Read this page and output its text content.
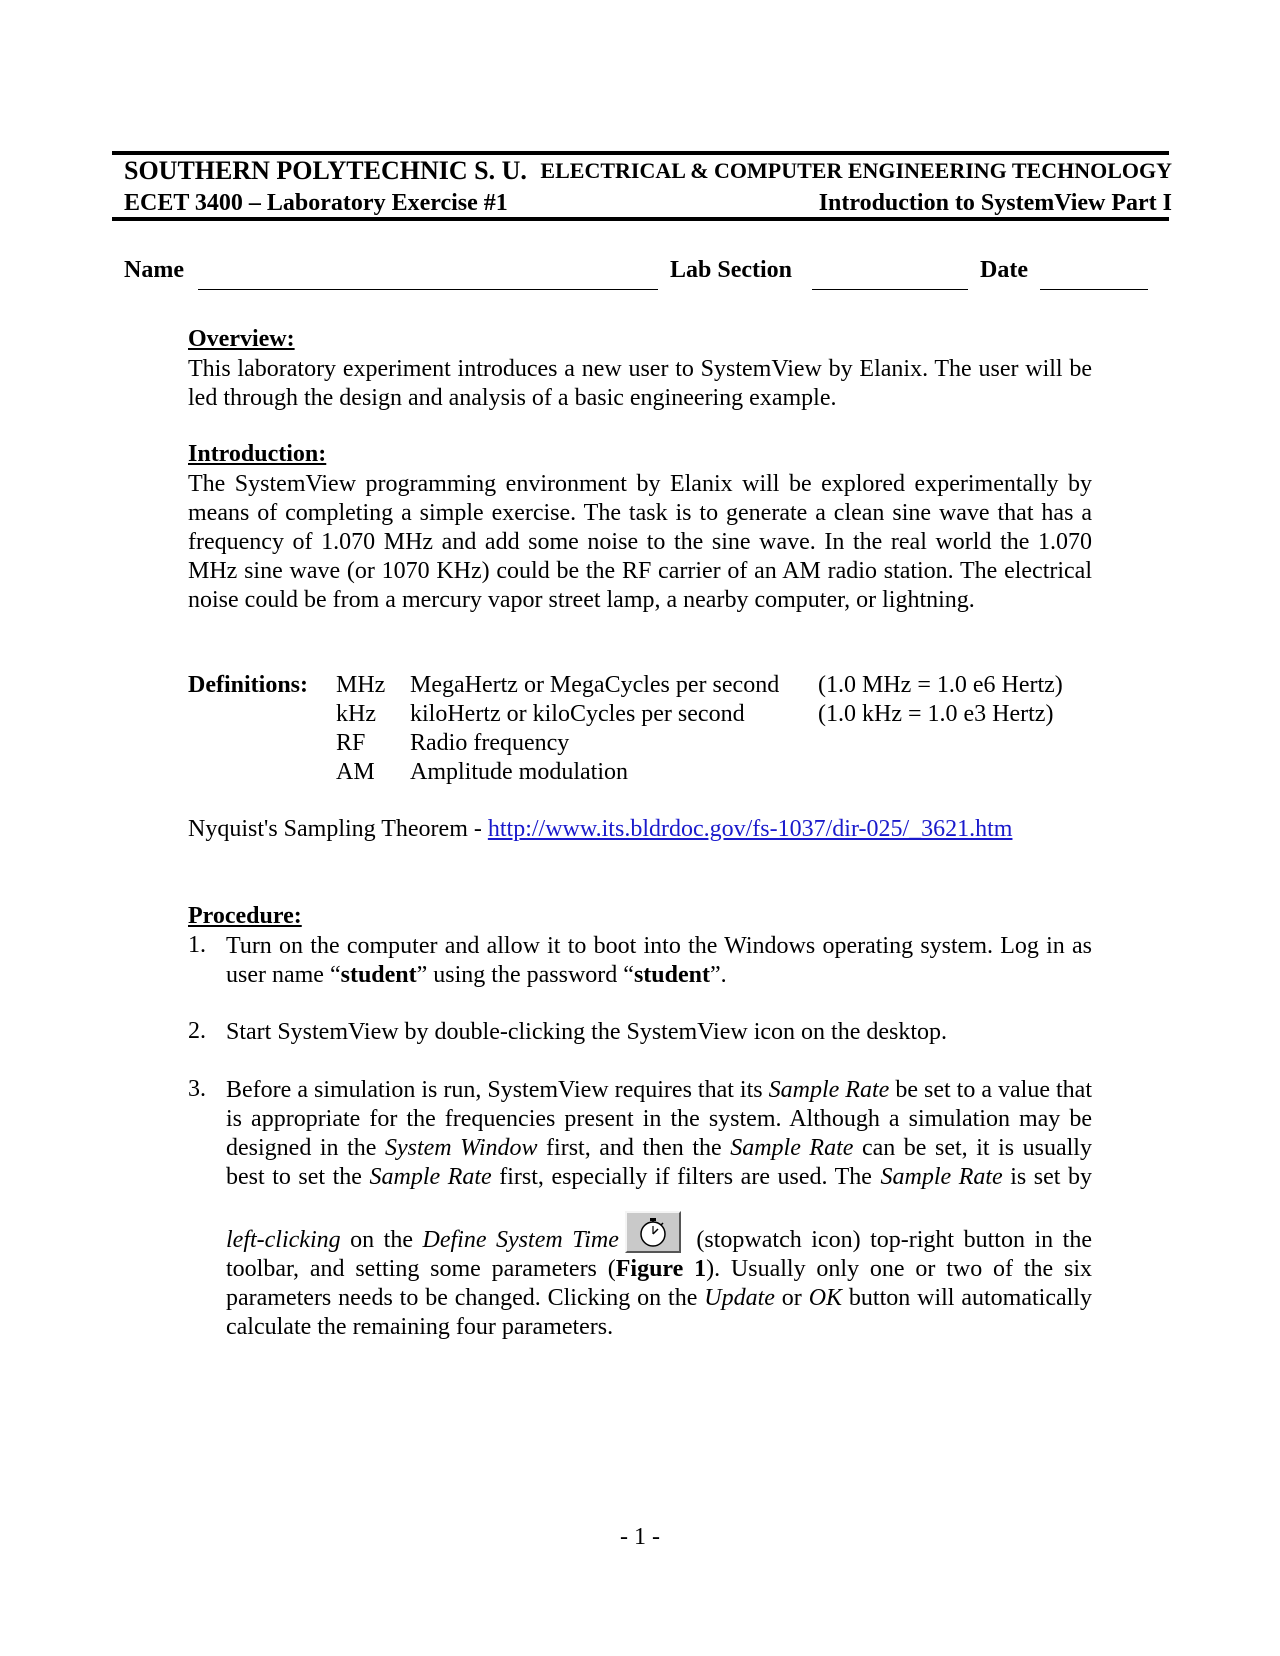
SOUTHERN POLYTECHNIC S. U. ELECTRICAL & COMPUTER ENGINEERING TECHNOLOGY
ECET 3400 – Laboratory Exercise #1	Introduction to SystemView Part I
Name	Lab Section	Date
Overview:
This laboratory experiment introduces a new user to SystemView by Elanix. The user will be led through the design and analysis of a basic engineering example.
Introduction:
The SystemView programming environment by Elanix will be explored experimentally by means of completing a simple exercise. The task is to generate a clean sine wave that has a frequency of 1.070 MHz and add some noise to the sine wave. In the real world the 1.070 MHz sine wave (or 1070 KHz) could be the RF carrier of an AM radio station. The electrical noise could be from a mercury vapor street lamp, a nearby computer, or lightning.
Definitions: MHz MegaHertz or MegaCycles per second (1.0 MHz = 1.0 e6 Hertz)
kHz kiloHertz or kiloCycles per second	(1.0 kHz = 1.0 e3 Hertz)
RF Radio frequency
AM Amplitude modulation
Nyquist's Sampling Theorem - http://www.its.bldrdoc.gov/fs-1037/dir-025/_3621.htm
Procedure:
1. Turn on the computer and allow it to boot into the Windows operating system. Log in as user name “student” using the password “student”.
2. Start SystemView by double-clicking the SystemView icon on the desktop.
3. Before a simulation is run, SystemView requires that its Sample Rate be set to a value that is appropriate for the frequencies present in the system. Although a simulation may be designed in the System Window first, and then the Sample Rate can be set, it is usually best to set the Sample Rate first, especially if filters are used. The Sample Rate is set by left-clicking on the Define System Time	(stopwatch icon) top-right button in the toolbar, and setting some parameters (Figure 1). Usually only one or two of the six parameters needs to be changed. Clicking on the Update or OK button will automatically calculate the remaining four parameters.
- 1 -
